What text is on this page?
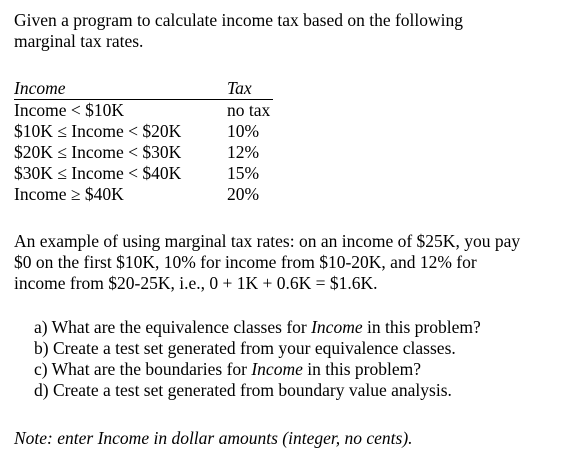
Given a program to calculate income tax based on the following
marginal tax rates.
Income	Tax
Income < $10K	no tax
$10K ≤ Income < $20K	10%
$20K ≤ Income < $30K	12%
$30K ≤ Income < $40K	15%
Income ≥ $40K	20%
An example of using marginal tax rates: on an income of $25K, you pay
$0 on the first $10K, 10% for income from $10-20K, and 12% for
income from $20-25K, i.e., 0 + 1K + 0.6K = $1.6K.
a) What are the equivalence classes for Income in this problem?
b) Create a test set generated from your equivalence classes.
c) What are the boundaries for Income in this problem?
d) Create a test set generated from boundary value analysis.

Note: enter Income in dollar amounts (integer, no cents).
